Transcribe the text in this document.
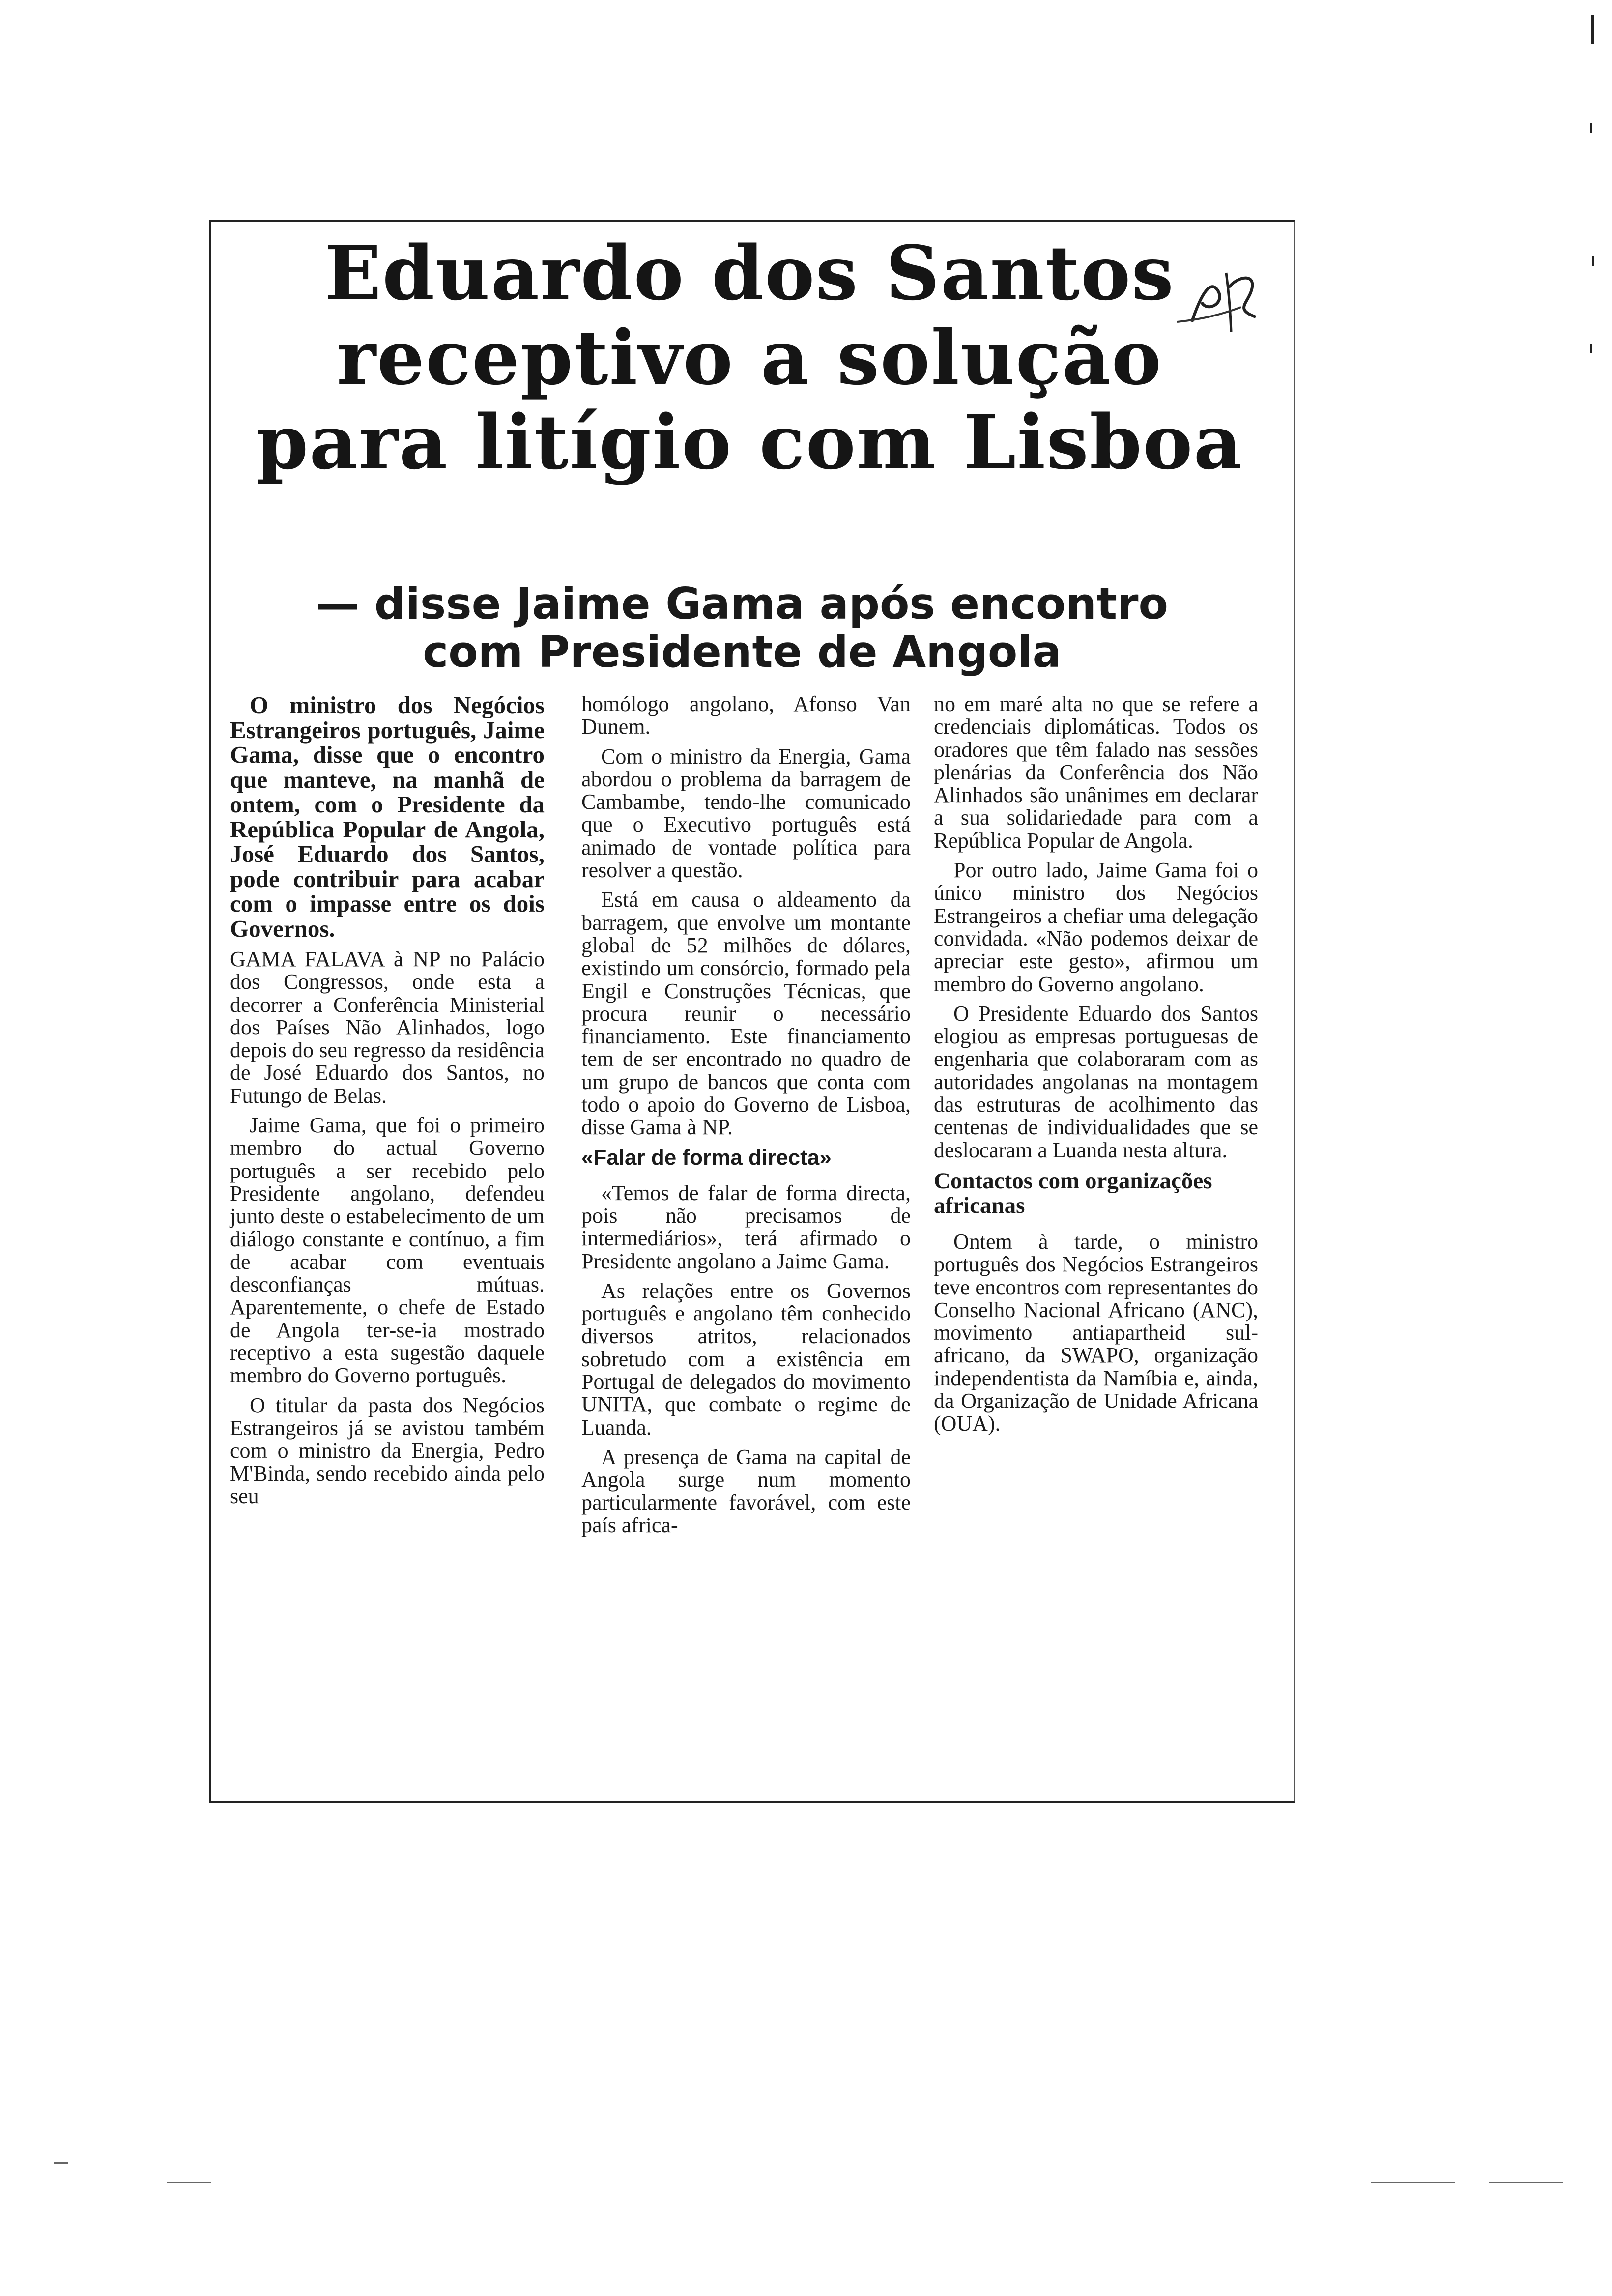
Eduardo dos Santos
receptivo a solução
para litígio com Lisboa
— disse Jaime Gama após encontro
com Presidente de Angola

O ministro dos Negócios Estrangeiros português, Jaime Gama, disse que o encontro que manteve, na manhã de ontem, com o Presidente da República Popular de Angola, José Eduardo dos Santos, pode contribuir para acabar com o impasse entre os dois Governos.

GAMA FALAVA à NP no Palácio dos Congressos, onde esta a decorrer a Conferência Ministerial dos Países Não Alinhados, logo depois do seu regresso da residência de José Eduardo dos Santos, no Futungo de Belas.

Jaime Gama, que foi o primeiro membro do actual Governo português a ser recebido pelo Presidente angolano, defendeu junto deste o estabelecimento de um diálogo constante e contínuo, a fim de acabar com eventuais desconfianças mútuas. Aparentemente, o chefe de Estado de Angola ter-se-ia mostrado receptivo a esta sugestão daquele membro do Governo português.

O titular da pasta dos Negócios Estrangeiros já se avistou também com o ministro da Energia, Pedro M'Binda, sendo recebido ainda pelo seu

homólogo angolano, Afonso Van Dunem.

Com o ministro da Energia, Gama abordou o problema da barragem de Cambambe, tendo-lhe comunicado que o Executivo português está animado de vontade política para resolver a questão.

Está em causa o aldeamento da barragem, que envolve um montante global de 52 milhões de dólares, existindo um consórcio, formado pela Engil e Construções Técnicas, que procura reunir o necessário financiamento. Este financiamento tem de ser encontrado no quadro de um grupo de bancos que conta com todo o apoio do Governo de Lisboa, disse Gama à NP.

«Falar de forma directa»

«Temos de falar de forma directa, pois não precisamos de intermediários», terá afirmado o Presidente angolano a Jaime Gama.

As relações entre os Governos português e angolano têm conhecido diversos atritos, relacionados sobretudo com a existência em Portugal de delegados do movimento UNITA, que combate o regime de Luanda.

A presença de Gama na capital de Angola surge num momento particularmente favorável, com este país africa-

no em maré alta no que se refere a credenciais diplomáticas. Todos os oradores que têm falado nas sessões plenárias da Conferência dos Não Alinhados são unânimes em declarar a sua solidariedade para com a República Popular de Angola.

Por outro lado, Jaime Gama foi o único ministro dos Negócios Estrangeiros a chefiar uma delegação convidada. «Não podemos deixar de apreciar este gesto», afirmou um membro do Governo angolano.

O Presidente Eduardo dos Santos elogiou as empresas portuguesas de engenharia que colaboraram com as autoridades angolanas na montagem das estruturas de acolhimento das centenas de individualidades que se deslocaram a Luanda nesta altura.

Contactos com organizações africanas

Ontem à tarde, o ministro português dos Negócios Estrangeiros teve encontros com representantes do Conselho Nacional Africano (ANC), movimento antiapartheid sul-africano, da SWAPO, organização independentista da Namíbia e, ainda, da Organização de Unidade Africana (OUA).
